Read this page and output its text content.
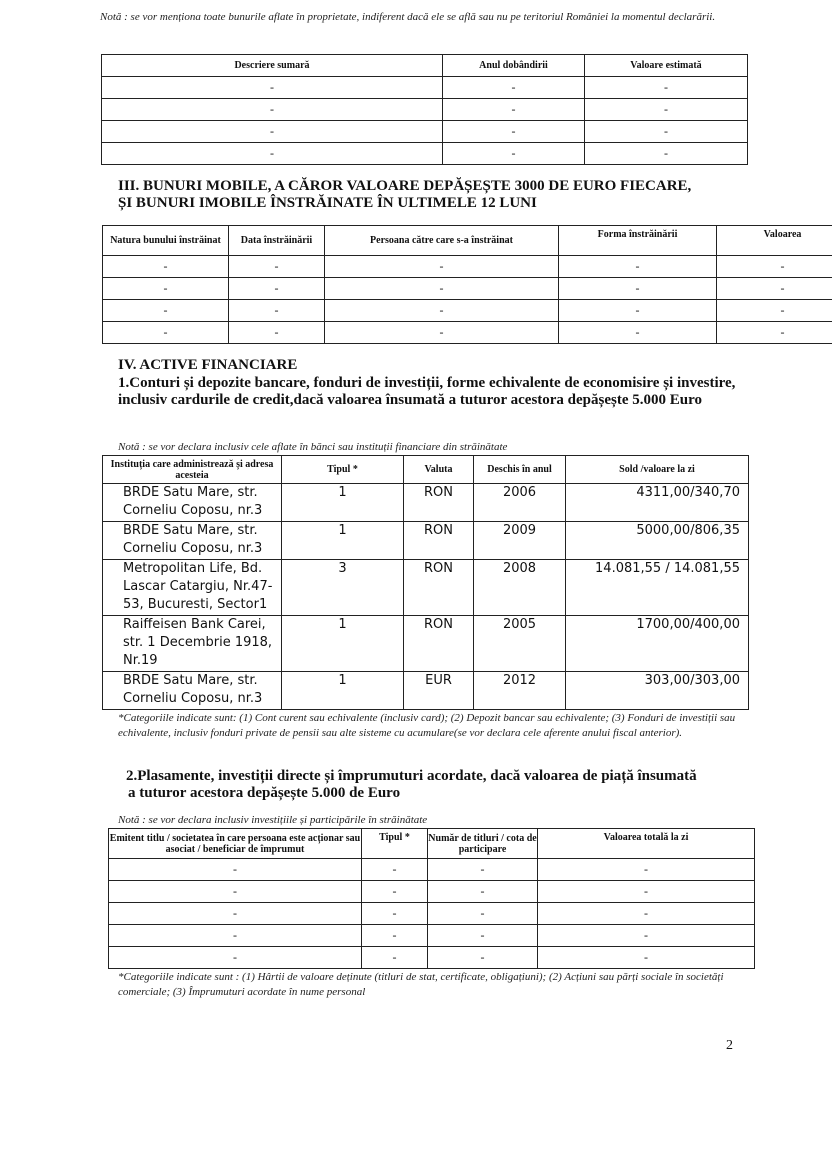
Notă : se vor menționa toate bunurile aflate în proprietate, indiferent dacă ele se află sau nu pe teritoriul României la momentul declarării.
Descriere sumară	Anul dobândirii	Valoare estimată
-	-	-
-	-	-
-	-	-
-	-	-
III. BUNURI MOBILE, A CĂROR VALOARE DEPĂȘEȘTE 3000 DE EURO FIECARE,
ȘI BUNURI IMOBILE ÎNSTRĂINATE ÎN ULTIMELE 12 LUNI
Natura bunului înstrăinat	Data înstrăinării	Persoana către care s-a înstrăinat	Forma înstrăinării	Valoarea
-	-	-	-	-
-	-	-	-	-
-	-	-	-	-
-	-	-	-	-
IV. ACTIVE FINANCIARE
1.Conturi și depozite bancare, fonduri de investiții, forme echivalente de economisire și investire, inclusiv cardurile de credit,dacă valoarea însumată a tuturor acestora depășește 5.000 Euro
Notă : se vor declara inclusiv cele aflate în bănci sau instituții financiare din străinătate
Instituția care administrează și adresa acesteia	Tipul *	Valuta	Deschis în anul	Sold /valoare la zi
BRDE Satu Mare, str. Corneliu Coposu, nr.3	1	RON	2006	4311,00/340,70
BRDE Satu Mare, str. Corneliu Coposu, nr.3	1	RON	2009	5000,00/806,35
Metropolitan Life, Bd. Lascar Catargiu, Nr.47-53, Bucuresti, Sector1	3	RON	2008	14.081,55 / 14.081,55
Raiffeisen Bank Carei, str. 1 Decembrie 1918, Nr.19	1	RON	2005	1700,00/400,00
BRDE Satu Mare, str. Corneliu Coposu, nr.3	1	EUR	2012	303,00/303,00
*Categoriile indicate sunt: (1) Cont curent sau echivalente (inclusiv card); (2) Depozit bancar sau echivalente; (3) Fonduri de investiții sau echivalente, inclusiv fonduri private de pensii sau alte sisteme cu acumulare(se vor declara cele aferente anului fiscal anterior).
2.Plasamente, investiții directe și împrumuturi acordate, dacă valoarea de piață însumată
a tuturor acestora depășește 5.000 de Euro
Notă : se vor declara inclusiv investițiile și participările în străinătate
Emitent titlu / societatea în care persoana este acționar sau asociat / beneficiar de împrumut	Tipul *	Număr de titluri / cota de participare	Valoarea totală la zi
-	-	-	-
-	-	-	-
-	-	-	-
-	-	-	-
-	-	-	-
*Categoriile indicate sunt : (1) Hârtii de valoare deținute (titluri de stat, certificate, obligațiuni); (2) Acțiuni sau părți sociale în societăți comerciale; (3) Împrumuturi acordate în nume personal
2
